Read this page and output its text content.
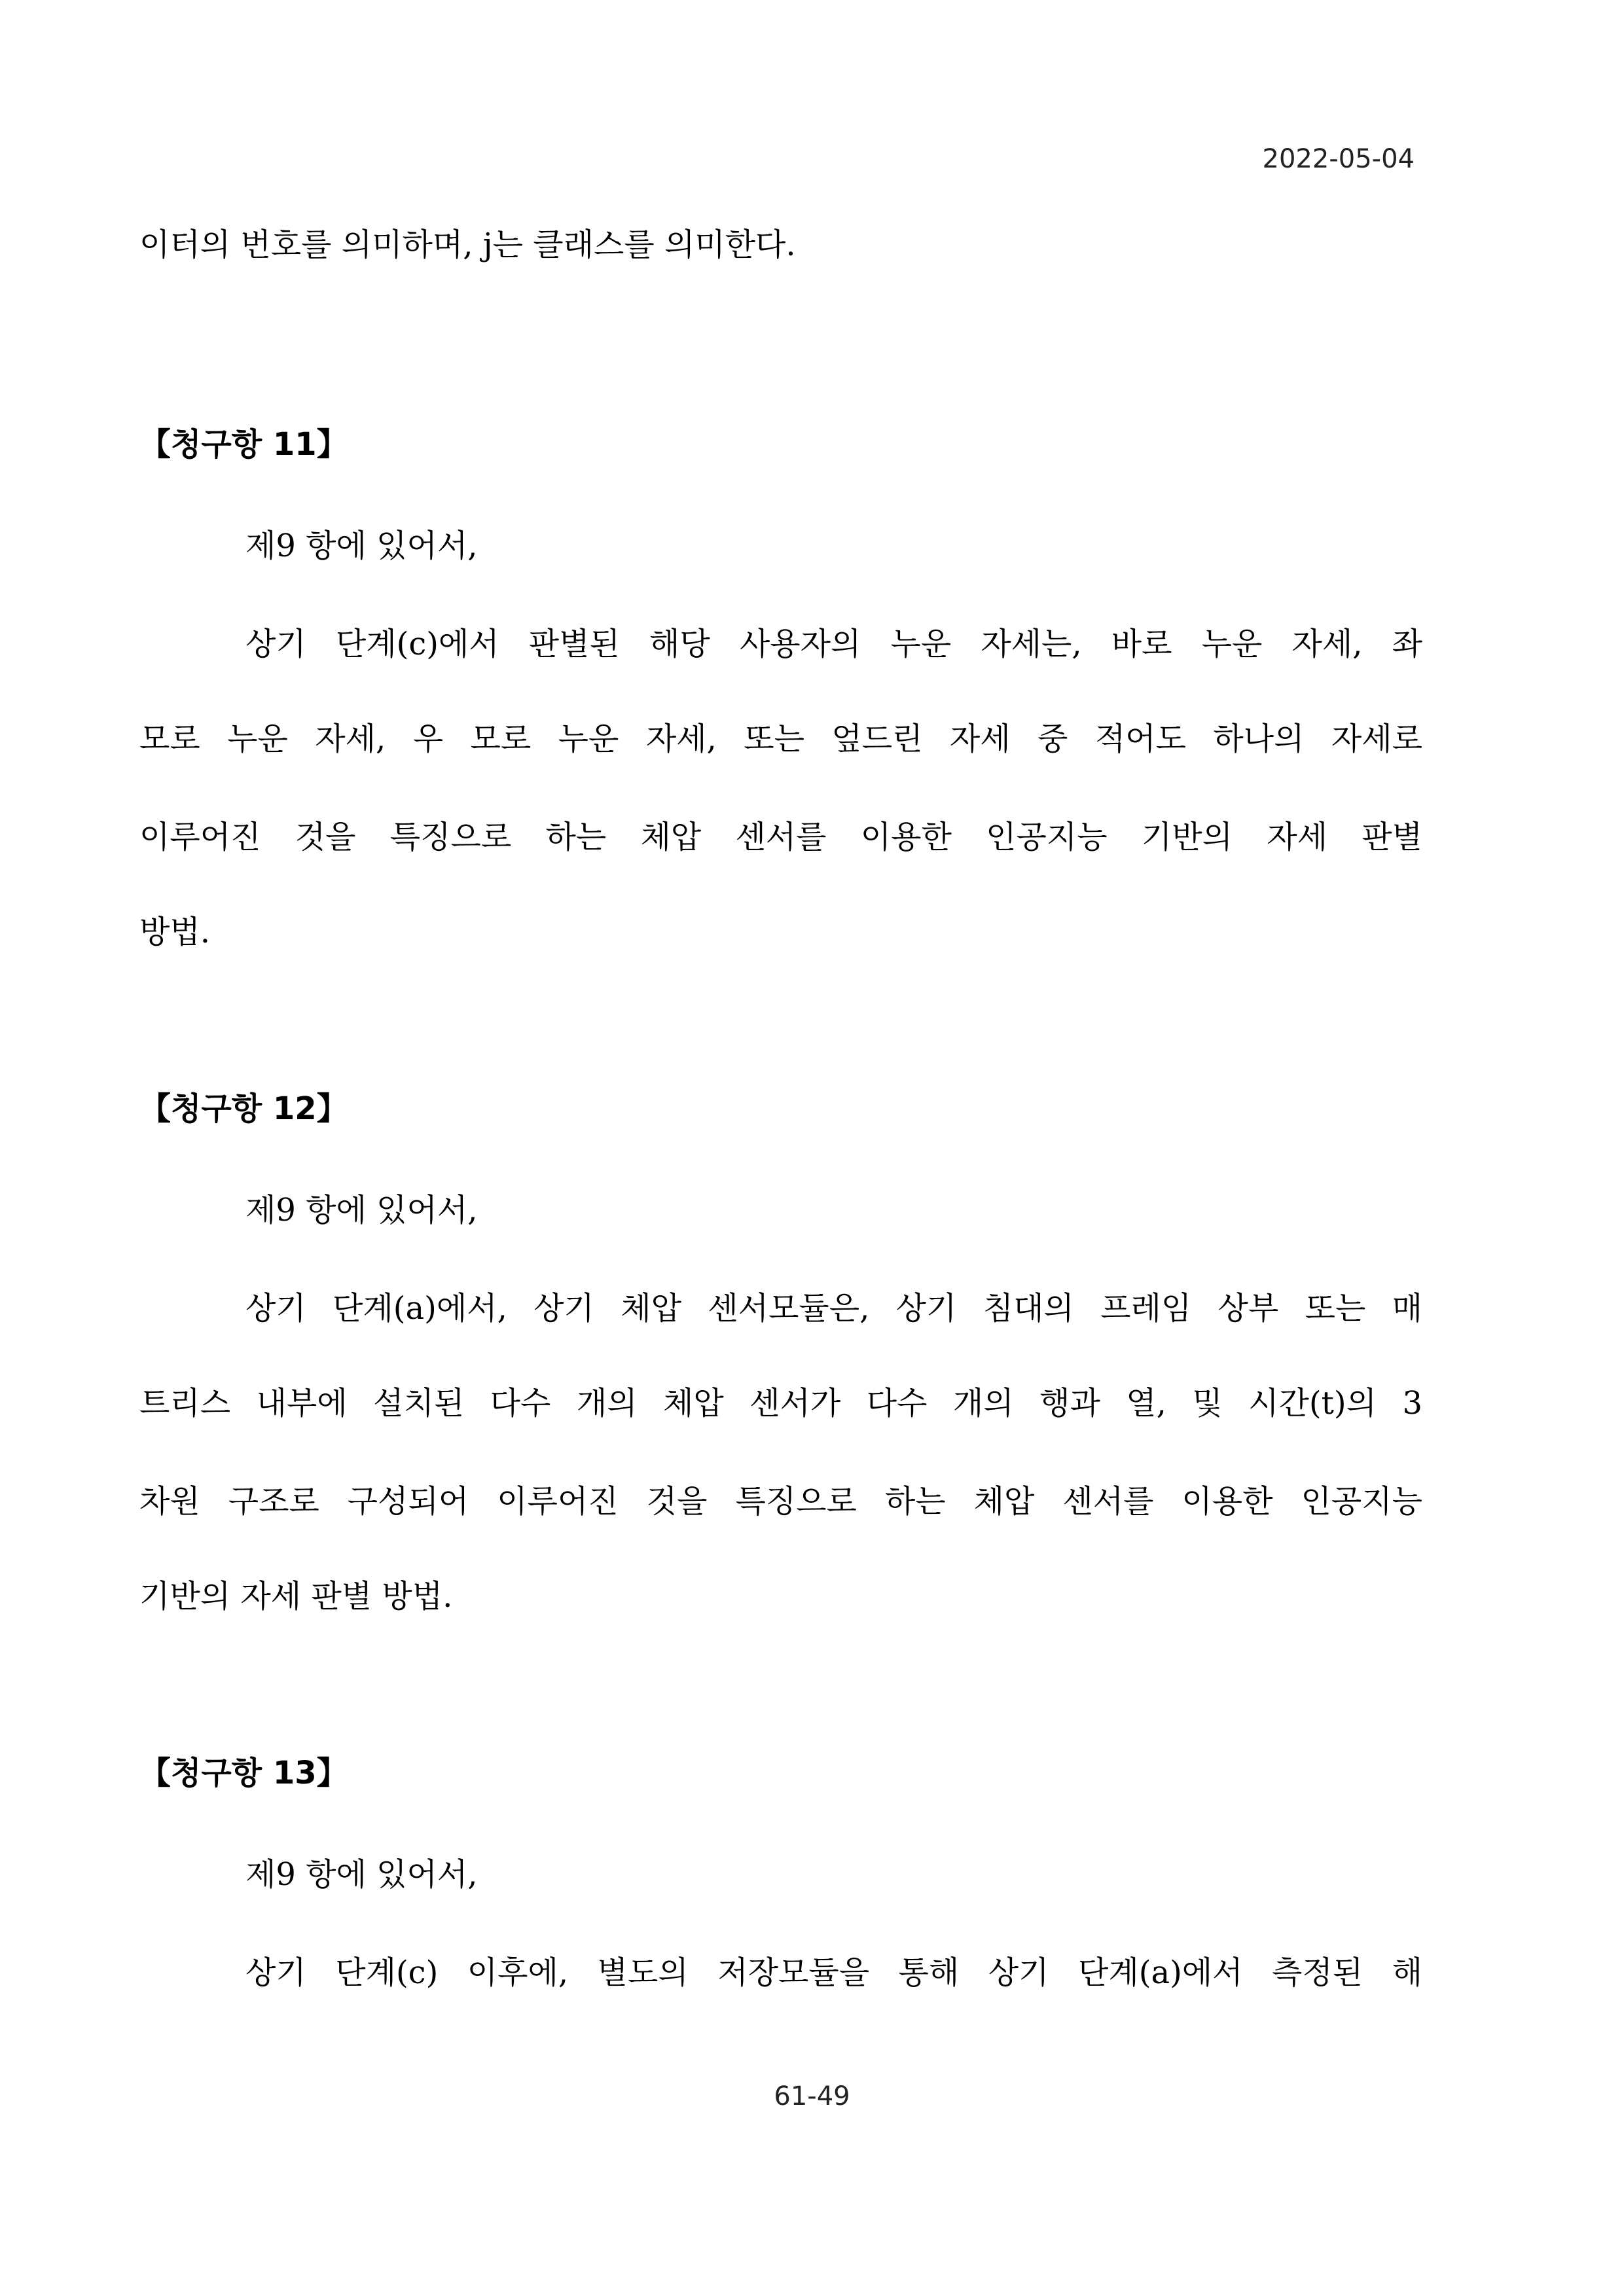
2022-05-04
이터의 번호를 의미하며, j는 클래스를 의미한다.
【청구항 11】
제9 항에 있어서,
상기 단계(c)에서 판별된 해당 사용자의 누운 자세는, 바로 누운 자세, 좌
모로 누운 자세, 우 모로 누운 자세, 또는 엎드린 자세 중 적어도 하나의 자세로
이루어진 것을 특징으로 하는 체압 센서를 이용한 인공지능 기반의 자세 판별
방법.
【청구항 12】
제9 항에 있어서,
상기 단계(a)에서, 상기 체압 센서모듈은, 상기 침대의 프레임 상부 또는 매
트리스 내부에 설치된 다수 개의 체압 센서가 다수 개의 행과 열, 및 시간(t)의 3
차원 구조로 구성되어 이루어진 것을 특징으로 하는 체압 센서를 이용한 인공지능
기반의 자세 판별 방법.
【청구항 13】
제9 항에 있어서,
상기 단계(c) 이후에, 별도의 저장모듈을 통해 상기 단계(a)에서 측정된 해
61-49
